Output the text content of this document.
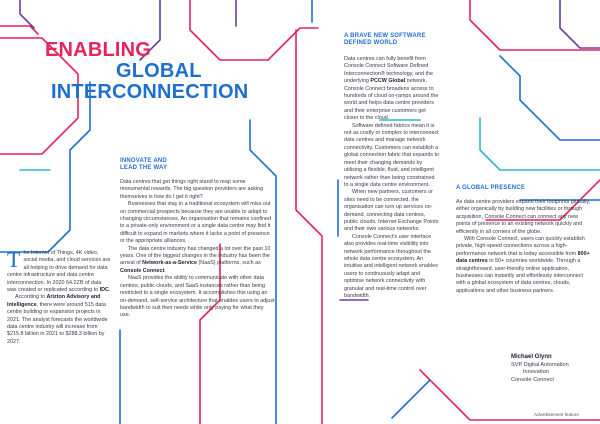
ENABLING
GLOBAL
INTERCONNECTION

The Internet of Things, 4K video, social media, and cloud services are all helping to drive demand for data centre infrastructure and data centre interconnection. In 2020 64.2ZB of data was created or replicated according to IDC.

According to Arizton Advisory and Intelligence, there were around 515 data centre building or expansion projects in 2021. The analyst forecasts the worldwide data centre industry will increase from $215.8 billion in 2021 to $288.3 billion by 2027.

INNOVATE AND
LEAD THE WAY

Data centres that get things right stand to reap some monumental rewards. The big question providers are asking themselves is how do I get it right?

Businesses that stay in a traditional ecosystem will miss out on commercial prospects because they are unable to adapt to changing circumstances. An organisation that remains confined to a private-only environment or a single data centre may find it difficult to expand in markets where it lacks a point of presence or the appropriate alliances.

The data centre industry has changed a lot over the past 10 years. One of the biggest changes in the industry has been the arrival of Network-as-a-Service (NaaS) platforms, such as Console Connect.

NaaS provides the ability to communicate with other data centres, public clouds, and SaaS instances rather than being restricted to a single ecosystem. It accomplishes this using an on-demand, self-service architecture that enables users to adjust bandwidth to suit their needs while only paying for what they use.

A BRAVE NEW SOFTWARE
DEFINED WORLD

Data centres can fully benefit from Console Connect Software Defined Interconnection® technology, and the underlying PCCW Global network. Console Connect broadens access to hundreds of cloud on-ramps around the world and helps data centre providers and their enterprise customers get closer to the cloud.

Software defined fabrics mean it is not as costly or complex to interconnect data centres and manage network connectivity. Customers can establish a global connection fabric that expands to meet their changing demands by utilising a flexible, fluid, and intelligent network rather than being constrained to a single data centre environment.

When new partners, customers or sites need to be connected, the organisation can turn up services on-demand, connecting data centres, public clouds, Internet Exchange Points and their own various networks.

Console Connect's user interface also provides real-time visibility into network performance throughout the whole data centre ecosystem. An intuitive and intelligent network enables users to continuously adapt and optimise network connectivity with granular and real-time control over bandwidth.

A GLOBAL PRESENCE

As data centre providers expand their footprints globally, either organically by building new facilities or through acquisition, Console Connect can connect any new points of presence to an existing network quickly and efficiently in all corners of the globe.

With Console Connect, users can quickly establish private, high-speed connections across a high-performance network that is today accessible from 800+ data centres in 50+ countries worldwide. Through a straightforward, user-friendly online application, businesses can instantly and effortlessly interconnect with a global ecosystem of data centres, clouds, applications and other business partners.

Michael Glynn
SVP Digital Automation
Innovation
Console Connect
Advertisement feature
